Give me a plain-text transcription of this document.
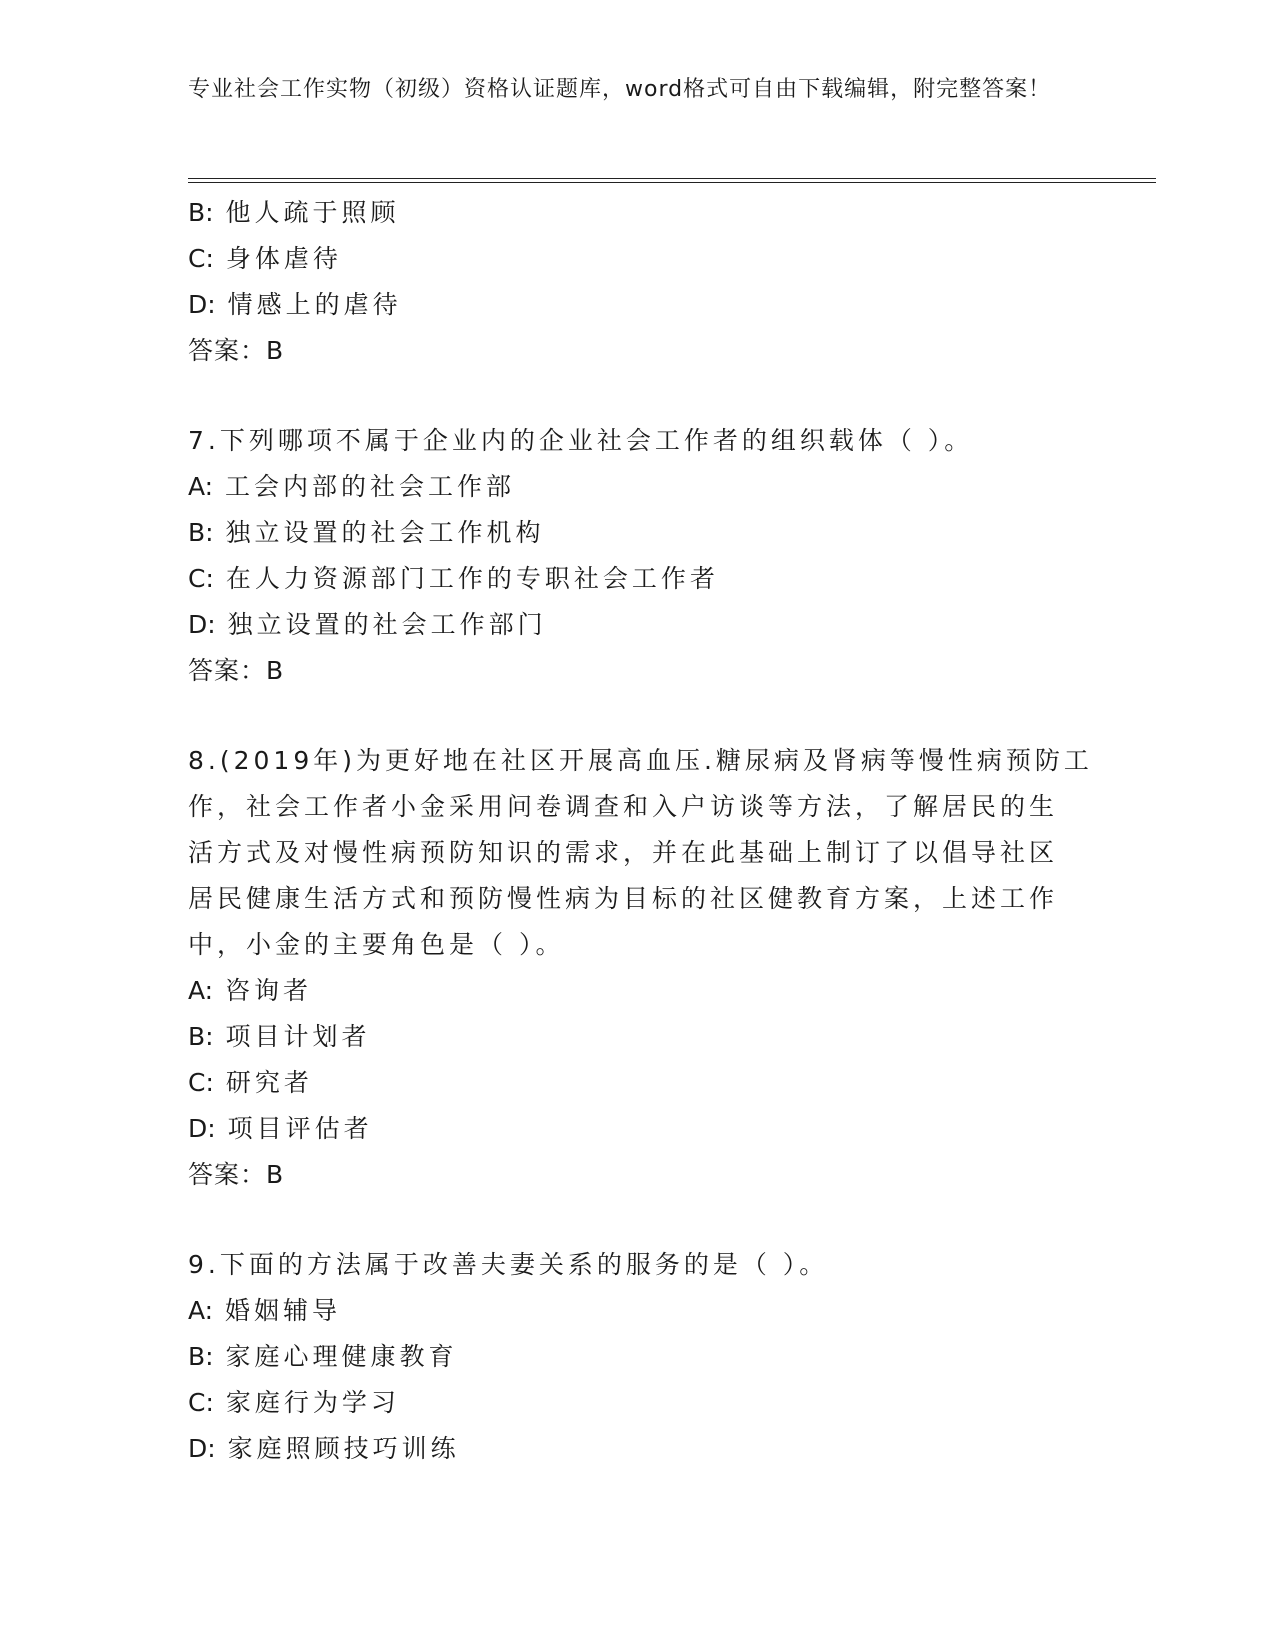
专业社会工作实物（初级）资格认证题库，word格式可自由下载编辑，附完整答案！
B: 他人疏于照顾
C: 身体虐待
D: 情感上的虐待
答案：B
7.下列哪项不属于企业内的企业社会工作者的组织载体（ ）。
A: 工会内部的社会工作部
B: 独立设置的社会工作机构
C: 在人力资源部门工作的专职社会工作者
D: 独立设置的社会工作部门
答案：B
8.(2019年)为更好地在社区开展高血压.糖尿病及肾病等慢性病预防工
作，社会工作者小金采用问卷调查和入户访谈等方法，了解居民的生
活方式及对慢性病预防知识的需求，并在此基础上制订了以倡导社区
居民健康生活方式和预防慢性病为目标的社区健教育方案，上述工作
中，小金的主要角色是（ ）。
A: 咨询者
B: 项目计划者
C: 研究者
D: 项目评估者
答案：B
9.下面的方法属于改善夫妻关系的服务的是（ ）。
A: 婚姻辅导
B: 家庭心理健康教育
C: 家庭行为学习
D: 家庭照顾技巧训练
